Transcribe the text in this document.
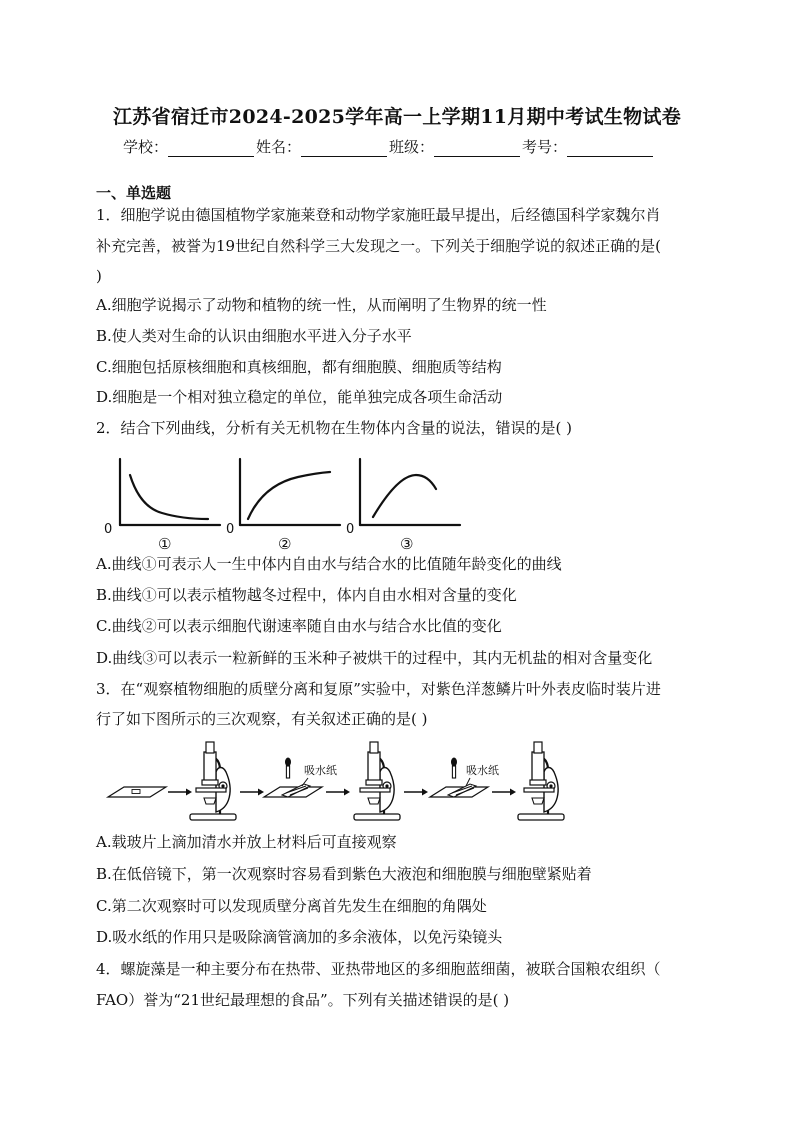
江苏省宿迁市2024-2025学年高一上学期11月期中考试生物试卷
学校：	姓名：	班级：	考号：
一、单选题
1．细胞学说由德国植物学家施莱登和动物学家施旺最早提出，后经德国科学家魏尔肖
补充完善，被誉为19世纪自然科学三大发现之一。下列关于细胞学说的叙述正确的是(
)
A.细胞学说揭示了动物和植物的统一性，从而阐明了生物界的统一性
B.使人类对生命的认识由细胞水平进入分子水平
C.细胞包括原核细胞和真核细胞，都有细胞膜、细胞质等结构
D.细胞是一个相对独立稳定的单位，能单独完成各项生命活动
2．结合下列曲线，分析有关无机物在生物体内含量的说法，错误的是( )
0
①
0
②
0
③
A.曲线①可表示人一生中体内自由水与结合水的比值随年龄变化的曲线
B.曲线①可以表示植物越冬过程中，体内自由水相对含量的变化
C.曲线②可以表示细胞代谢速率随自由水与结合水比值的变化
D.曲线③可以表示一粒新鲜的玉米种子被烘干的过程中，其内无机盐的相对含量变化
3．在“观察植物细胞的质壁分离和复原”实验中，对紫色洋葱鳞片叶外表皮临时装片进
行了如下图所示的三次观察，有关叙述正确的是( )
吸水纸	吸水纸
A.载玻片上滴加清水并放上材料后可直接观察
B.在低倍镜下，第一次观察时容易看到紫色大液泡和细胞膜与细胞壁紧贴着
C.第二次观察时可以发现质壁分离首先发生在细胞的角隅处
D.吸水纸的作用只是吸除滴管滴加的多余液体，以免污染镜头
4．螺旋藻是一种主要分布在热带、亚热带地区的多细胞蓝细菌，被联合国粮农组织（
FAO）誉为“21世纪最理想的食品”。下列有关描述错误的是( )
